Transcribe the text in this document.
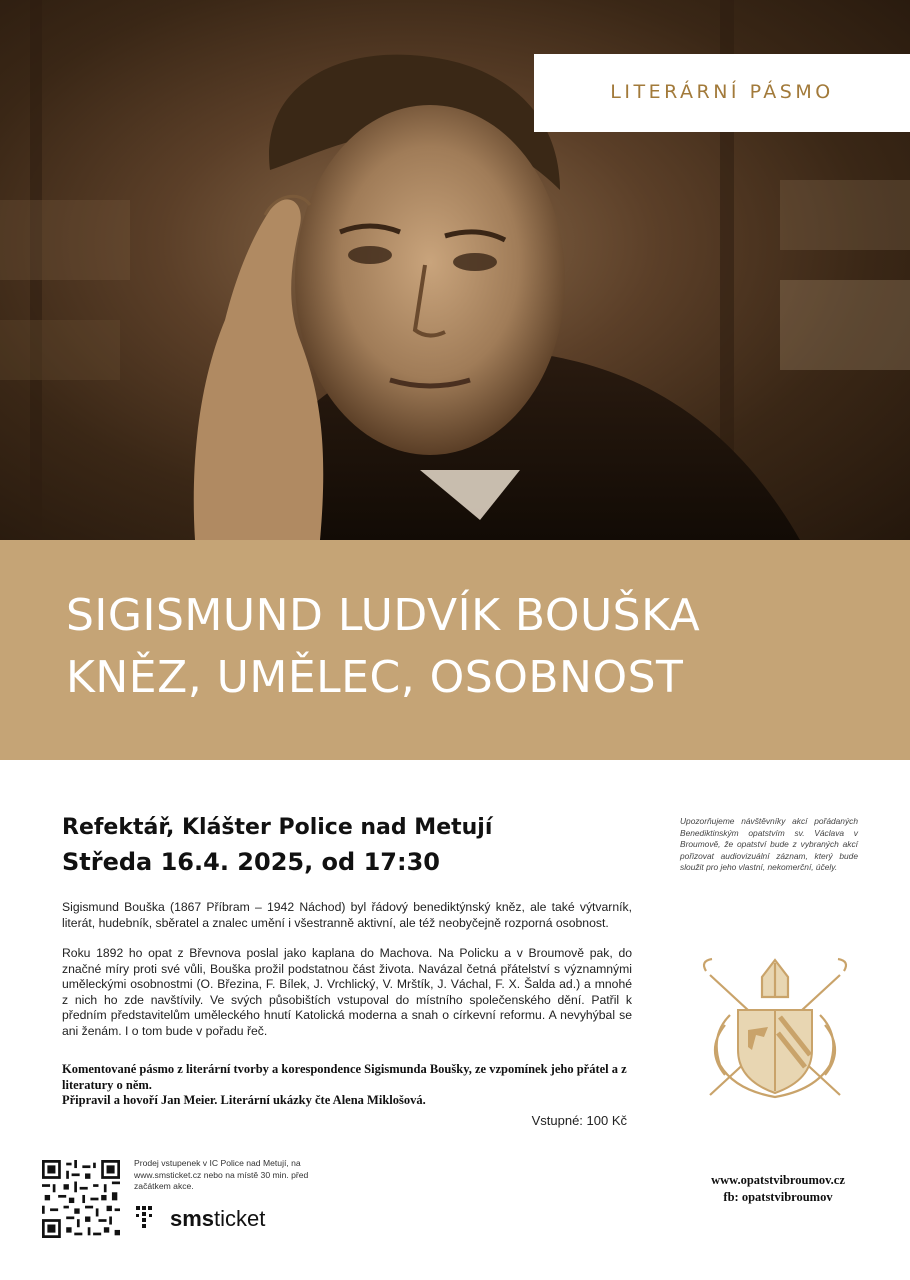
LITERÁRNÍ PÁSMO
SIGISMUND LUDVÍK BOUŠKA
KNĚZ, UMĚLEC, OSOBNOST
Refektář, Klášter Police nad Metují
Středa 16.4. 2025, od 17:30
Sigismund Bouška (1867 Příbram – 1942 Náchod) byl řádový benediktýnský kněz, ale také výtvarník, literát, hudebník, sběratel a znalec umění i všestranně aktivní, ale též neobyčejně rozporná osobnost.
Roku 1892 ho opat z Břevnova poslal jako kaplana do Machova. Na Policku a v Broumově pak, do značné míry proti své vůli, Bouška prožil podstatnou část života. Navázal četná přátelství s významnými uměleckými osobnostmi (O. Březina, F. Bílek, J. Vrchlický, V. Mrštík, J. Váchal, F. X. Šalda ad.) a mnohé z nich ho zde navštívily. Ve svých působištích vstupoval do místního společenského dění. Patřil k předním představitelům uměleckého hnutí Katolická moderna a snah o církevní reformu. A nevyhýbal se ani ženám. I o tom bude v pořadu řeč.
Komentované pásmo z literární tvorby a korespondence Sigismunda Boušky, ze vzpomínek jeho přátel a z literatury o něm.
Připravil a hovoří Jan Meier. Literární ukázky čte Alena Miklošová.
Vstupné: 100 Kč
Upozorňujeme návštěvníky akcí pořádaných Benediktinským opatstvím sv. Václava v Broumově, že opatství bude z vybraných akcí pořizovat audiovizuální záznam, který bude sloužit pro jeho vlastní, nekomerční, účely.
Prodej vstupenek v IC Police nad Metují, na www.smsticket.cz nebo na místě 30 min. před začátkem akce.
smsticket
www.opatstvibroumov.cz
fb: opatstvibroumov
